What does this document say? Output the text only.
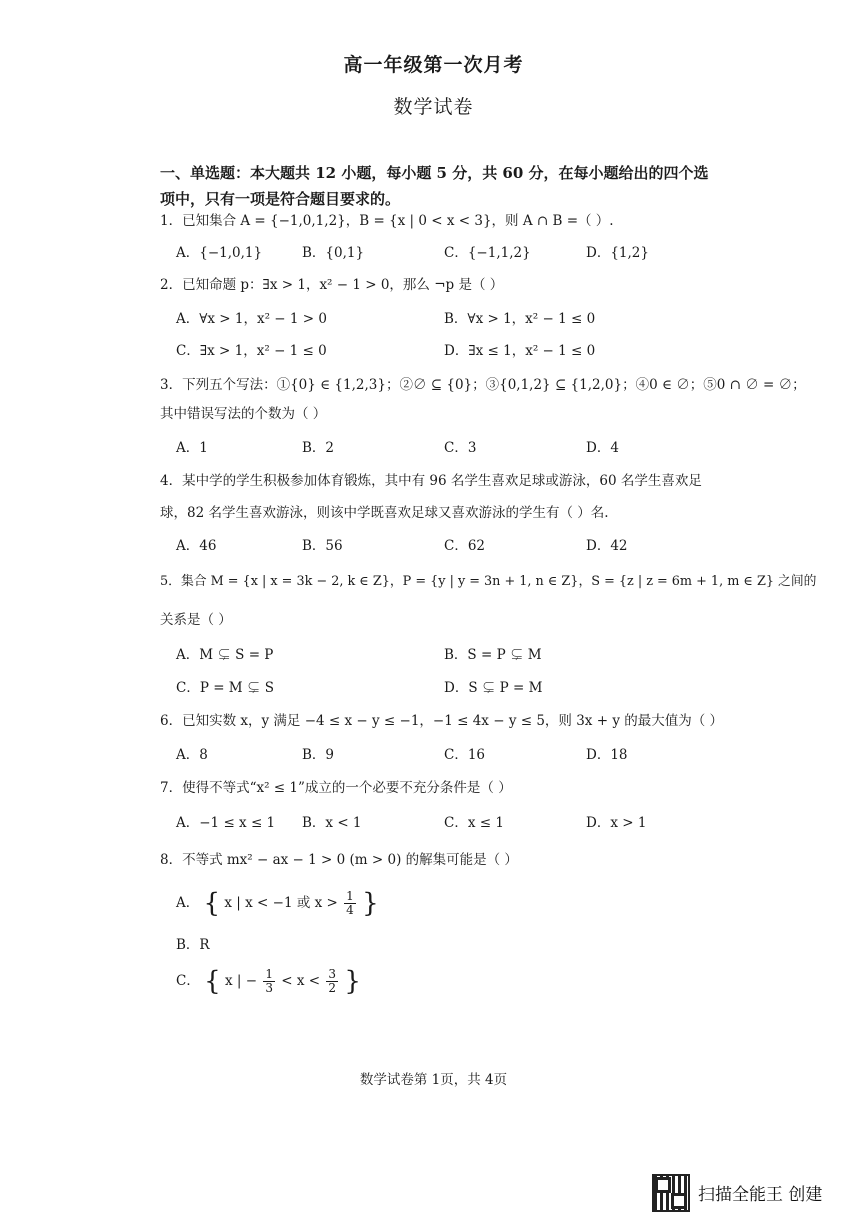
高一年级第一次月考
数学试卷
一、单选题：本大题共 12 小题，每小题 5 分，共 60 分，在每小题给出的四个选
项中，只有一项是符合题目要求的。
1．已知集合 A = {−1,0,1,2}，B = {x | 0 < x < 3}，则 A ∩ B =（ ）.
A．{−1,0,1}	B．{0,1}	C．{−1,1,2}	D．{1,2}
2．已知命题 p：∃x > 1，x² − 1 > 0，那么 ¬p 是（ ）
A．∀x > 1，x² − 1 > 0	B．∀x > 1，x² − 1 ≤ 0
C．∃x > 1，x² − 1 ≤ 0	D．∃x ≤ 1，x² − 1 ≤ 0
3．下列五个写法：①{0} ∈ {1,2,3}；②∅ ⊆ {0}；③{0,1,2} ⊆ {1,2,0}；④0 ∈ ∅；⑤0 ∩ ∅ = ∅；
其中错误写法的个数为（ ）
A．1	B．2	C．3	D．4
4．某中学的学生积极参加体育锻炼，其中有 96 名学生喜欢足球或游泳，60 名学生喜欢足
球，82 名学生喜欢游泳，则该中学既喜欢足球又喜欢游泳的学生有（ ）名.
A．46	B．56	C．62	D．42
5．集合 M = {x | x = 3k − 2, k ∈ Z}，P = {y | y = 3n + 1, n ∈ Z}，S = {z | z = 6m + 1, m ∈ Z} 之间的
关系是（ ）
A．M ⊊ S = P	B．S = P ⊊ M
C．P = M ⊊ S	D．S ⊊ P = M
6．已知实数 x，y 满足 −4 ≤ x − y ≤ −1，−1 ≤ 4x − y ≤ 5，则 3x + y 的最大值为（ ）
A．8	B．9	C．16	D．18
7．使得不等式“x² ≤ 1”成立的一个必要不充分条件是（ ）
A．−1 ≤ x ≤ 1 B．x < 1	C．x ≤ 1	D．x > 1
8．不等式 mx² − ax − 1 > 0 (m > 0) 的解集可能是（ ）
A． { x | x < −1 或 $x > \frac{1}{4}$ }
B．R
C． { x | − $\frac{1}{3} < x < \frac{3}{2}$ }
数学试卷第 1页，共 4页
扫描全能王 创建
